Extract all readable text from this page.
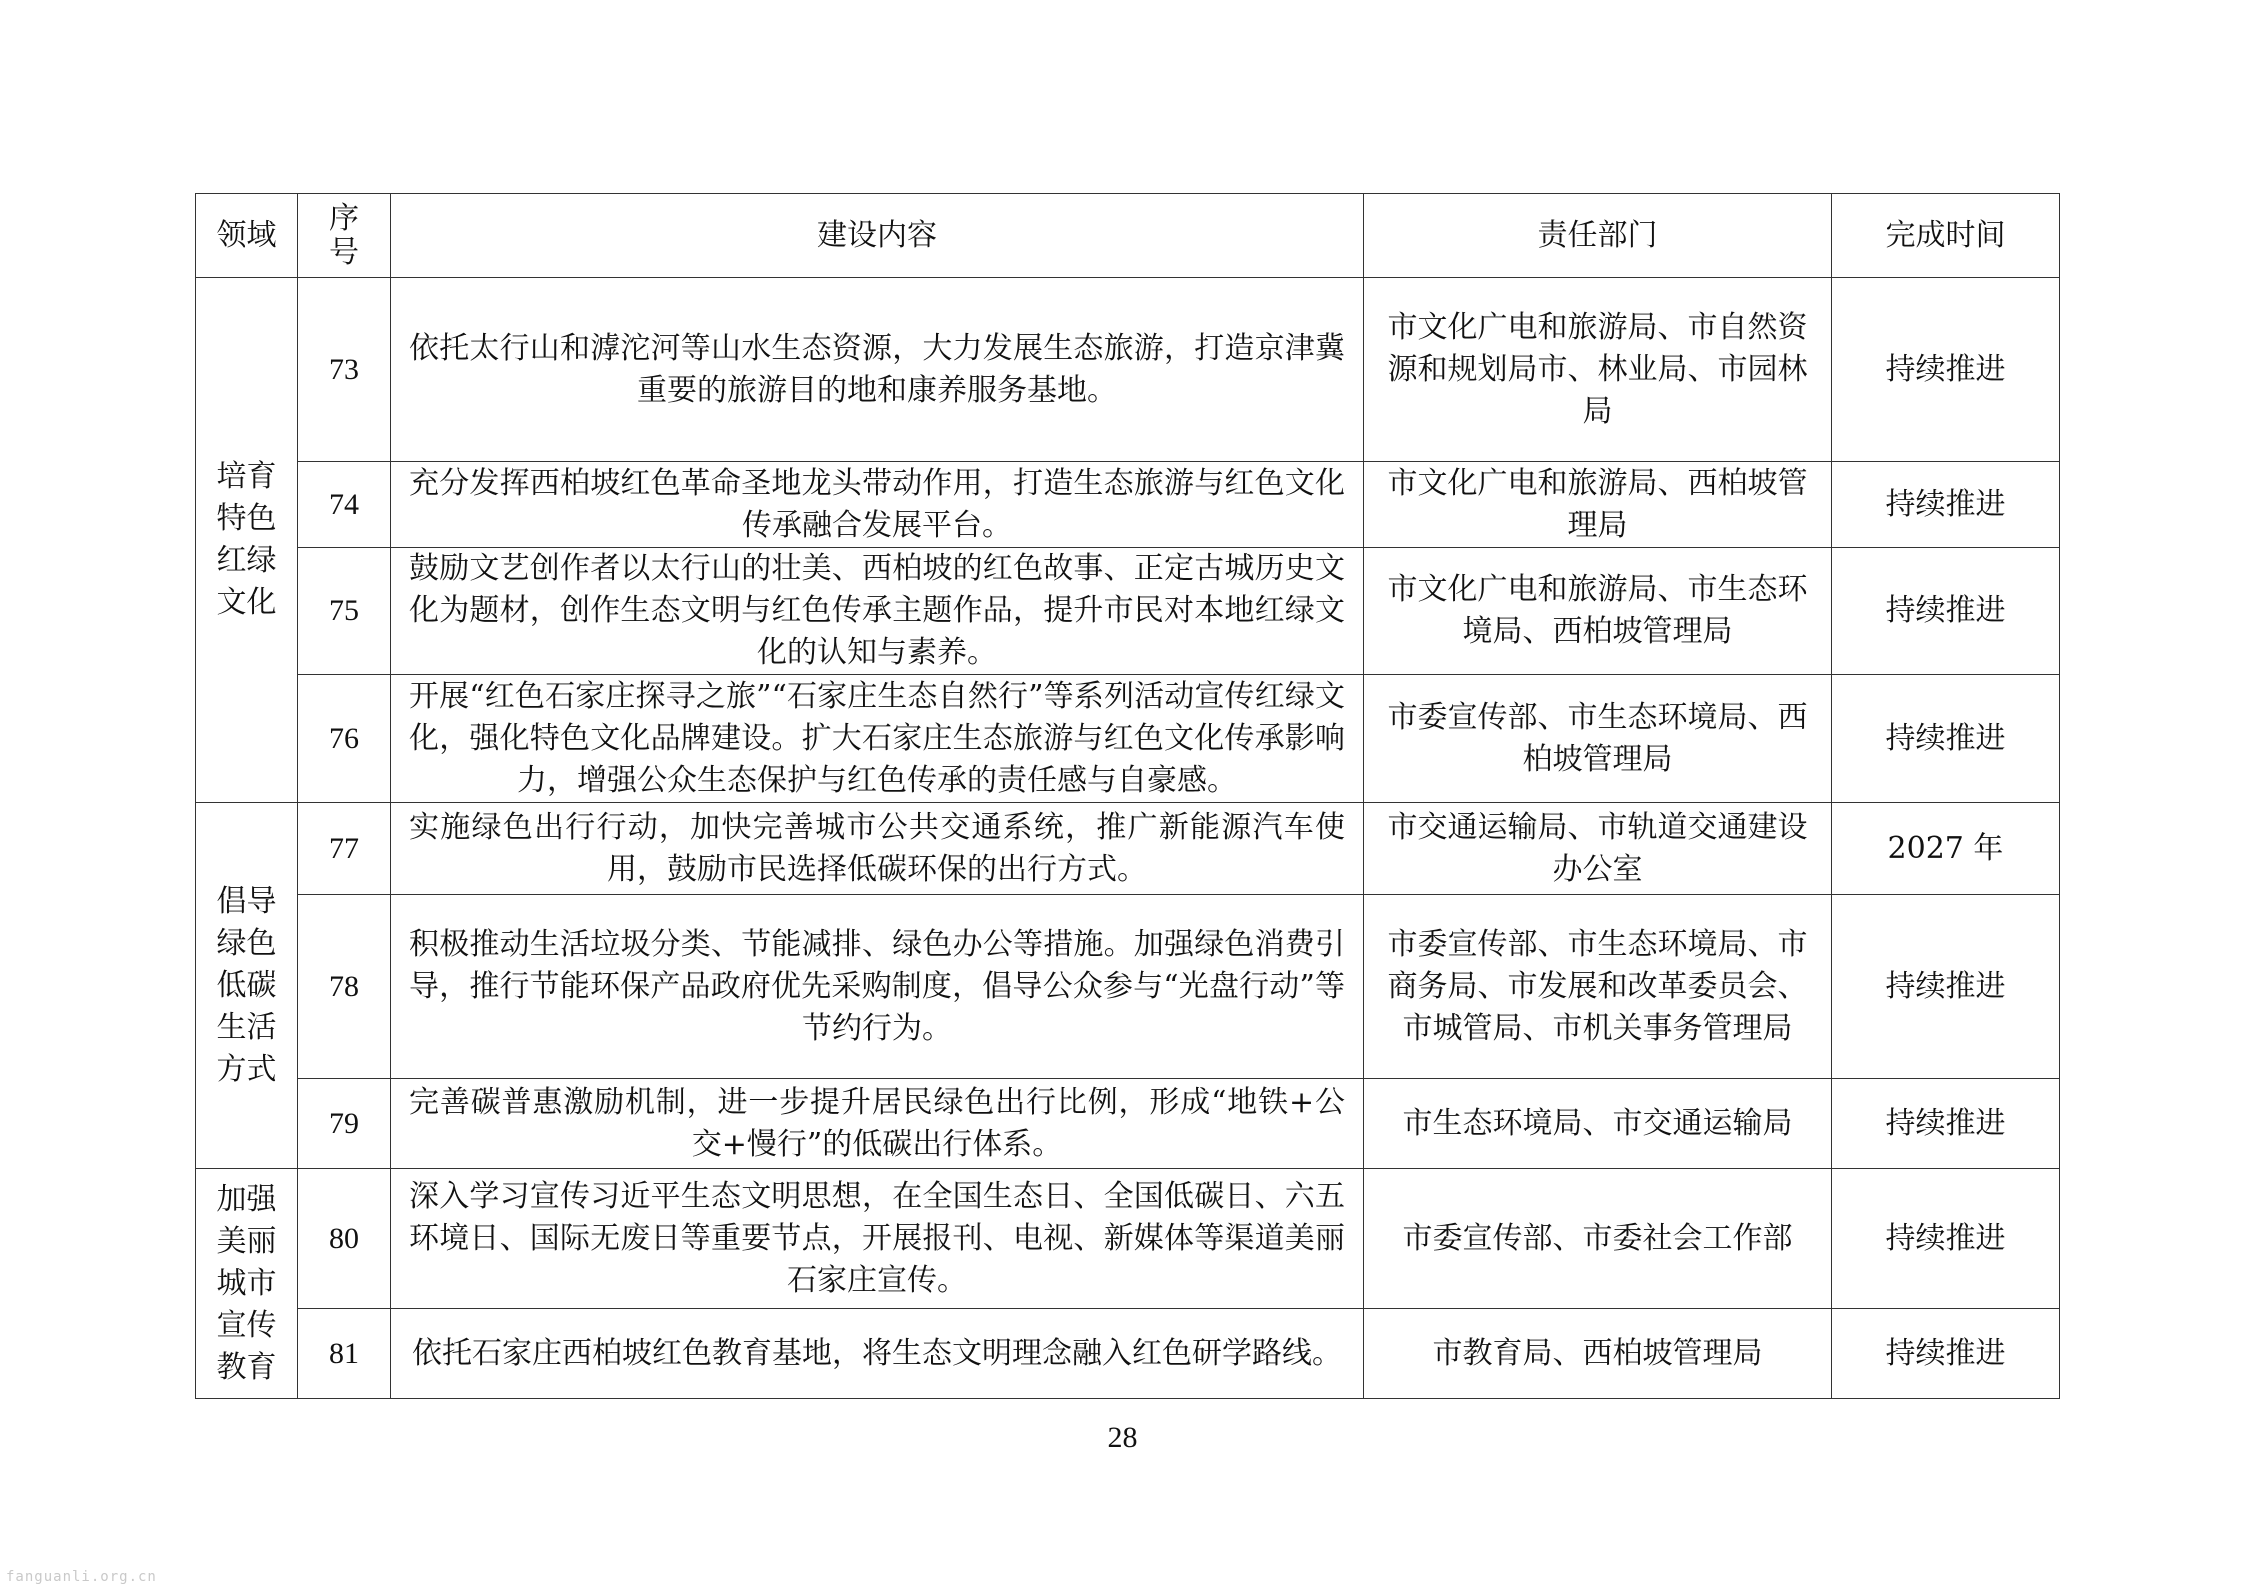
领域	序号	建设内容	责任部门	完成时间

培育特色红绿文化	73	依托太行山和滹沱河等山水生态资源，大力发展生态旅游，打造京津冀重要的旅游目的地和康养服务基地。	市文化广电和旅游局、市自然资源和规划局市、林业局、市园林局	持续推进
	74	充分发挥西柏坡红色革命圣地龙头带动作用，打造生态旅游与红色文化传承融合发展平台。	市文化广电和旅游局、西柏坡管理局	持续推进
	75	鼓励文艺创作者以太行山的壮美、西柏坡的红色故事、正定古城历史文化为题材，创作生态文明与红色传承主题作品，提升市民对本地红绿文化的认知与素养。	市文化广电和旅游局、市生态环境局、西柏坡管理局	持续推进
	76	开展“红色石家庄探寻之旅”“石家庄生态自然行”等系列活动宣传红绿文化，强化特色文化品牌建设。扩大石家庄生态旅游与红色文化传承影响力，增强公众生态保护与红色传承的责任感与自豪感。	市委宣传部、市生态环境局、西柏坡管理局	持续推进

倡导绿色低碳生活方式	77	实施绿色出行行动，加快完善城市公共交通系统，推广新能源汽车使用，鼓励市民选择低碳环保的出行方式。	市交通运输局、市轨道交通建设办公室	2027 年
	78	积极推动生活垃圾分类、节能减排、绿色办公等措施。加强绿色消费引导，推行节能环保产品政府优先采购制度，倡导公众参与“光盘行动”等节约行为。	市委宣传部、市生态环境局、市商务局、市发展和改革委员会、市城管局、市机关事务管理局	持续推进
	79	完善碳普惠激励机制，进一步提升居民绿色出行比例，形成“地铁+公交+慢行”的低碳出行体系。	市生态环境局、市交通运输局	持续推进

加强美丽城市宣传教育	80	深入学习宣传习近平生态文明思想，在全国生态日、全国低碳日、六五环境日、国际无废日等重要节点，开展报刊、电视、新媒体等渠道美丽石家庄宣传。	市委宣传部、市委社会工作部	持续推进
	81	依托石家庄西柏坡红色教育基地，将生态文明理念融入红色研学路线。	市教育局、西柏坡管理局	持续推进
28
fanguanli.org.cn
